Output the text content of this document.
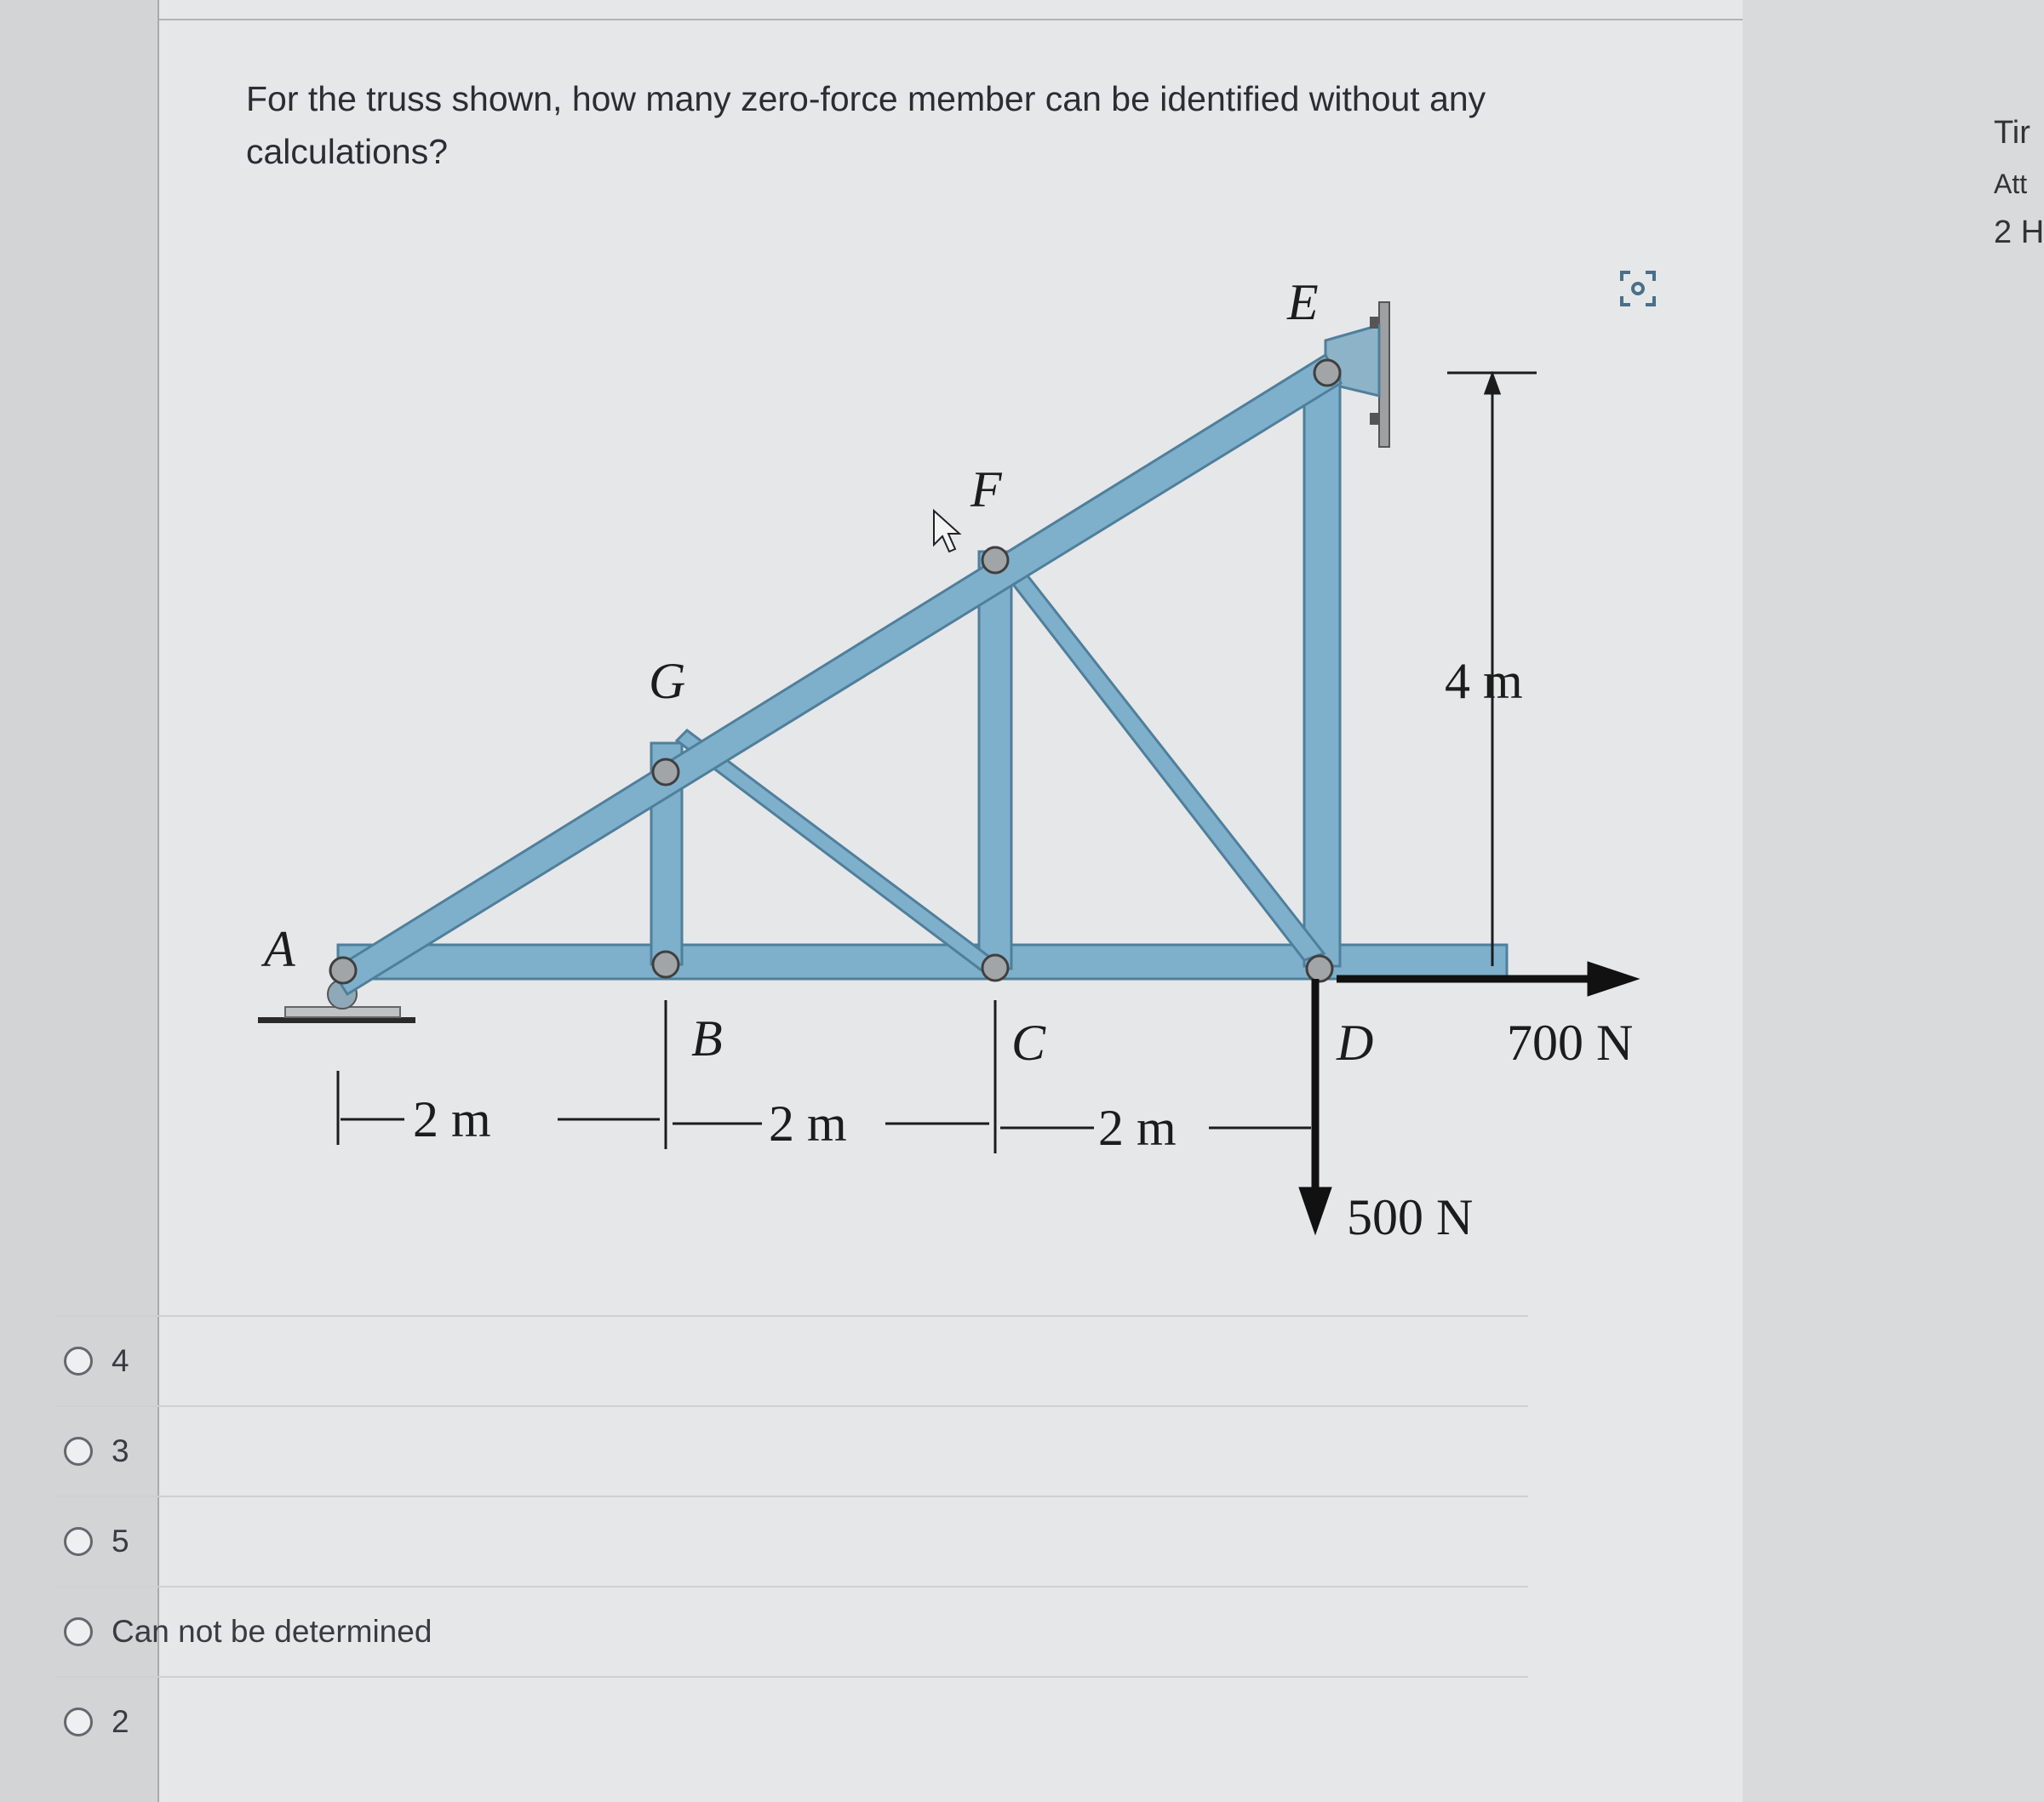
For the truss shown, how many zero-force member can be identified without any calculations?
A
G
F
E
B	C	D
2 m	2 m	2 m
4 m
700 N
500 N
4
3
5
Can not be determined
2
Tir
Att
2 H
